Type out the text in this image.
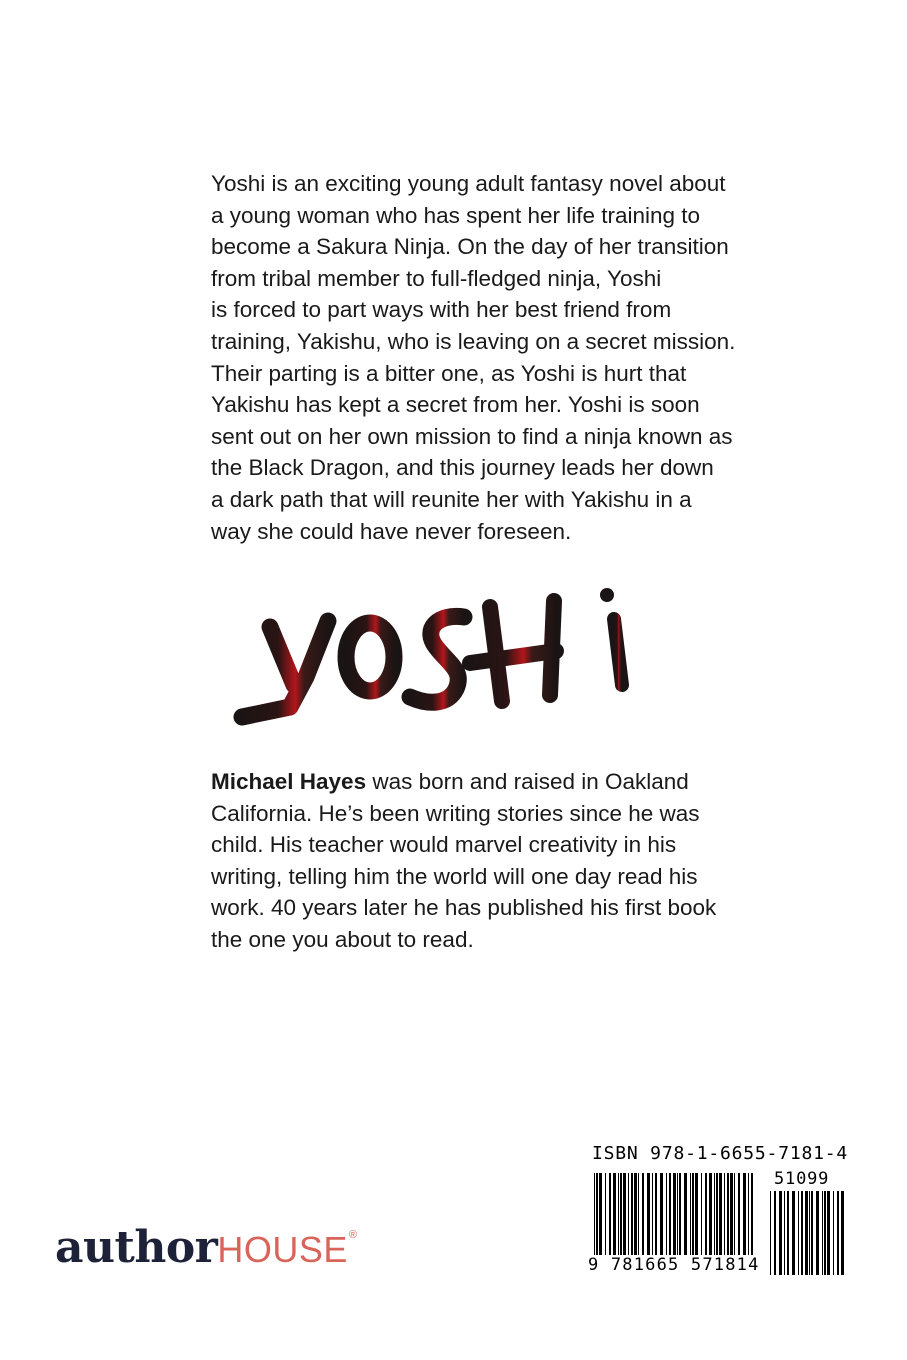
Yoshi is an exciting young adult fantasy novel about
a young woman who has spent her life training to
become a Sakura Ninja. On the day of her transition
from tribal member to full-fledged ninja, Yoshi
is forced to part ways with her best friend from
training, Yakishu, who is leaving on a secret mission.
Their parting is a bitter one, as Yoshi is hurt that
Yakishu has kept a secret from her. Yoshi is soon
sent out on her own mission to find a ninja known as
the Black Dragon, and this journey leads her down
a dark path that will reunite her with Yakishu in a
way she could have never foreseen.
Michael Hayes was born and raised in Oakland
California. He’s been writing stories since he was
child. His teacher would marvel creativity in his
writing, telling him the world will one day read his
work. 40 years later he has published his first book
the one you about to read.
authorHOUSE®
ISBN 978-1-6655-7181-4
51099
9 781665 571814
